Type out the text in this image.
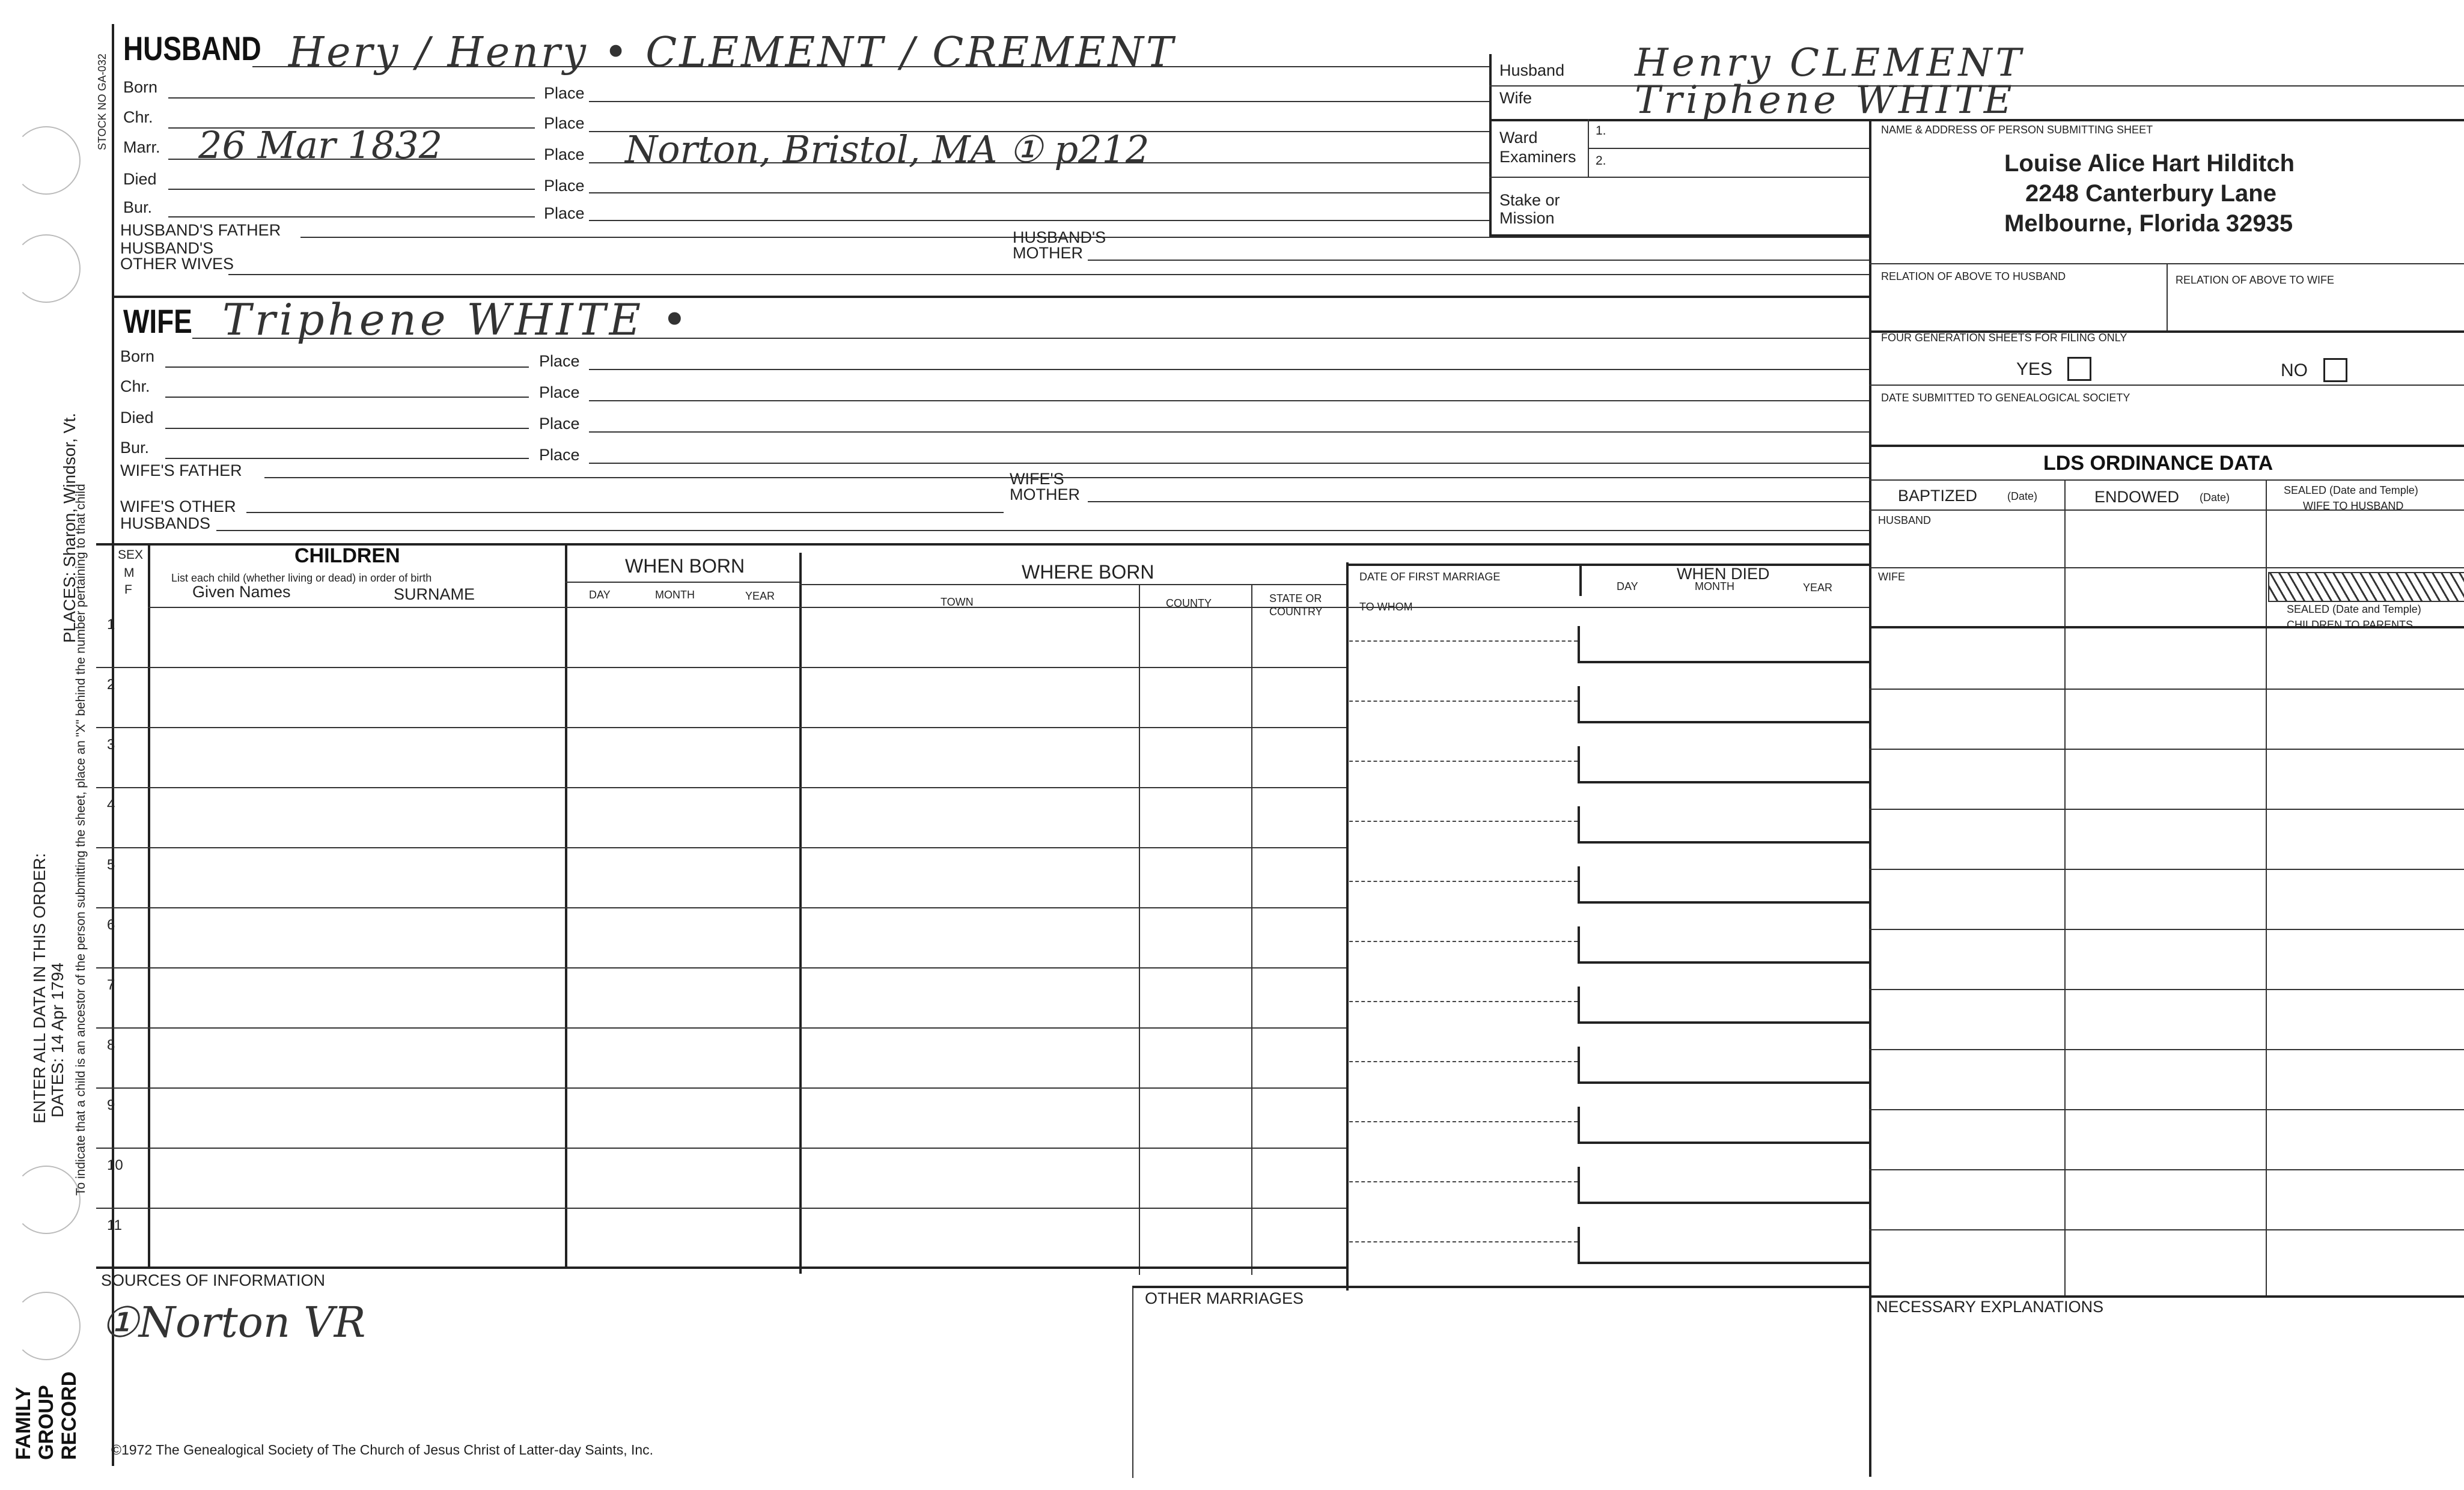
STOCK NO GA-032
PLACES: Sharon, Windsor, Vt.
To indicate that a child is an ancestor of the person submitting the sheet, place an "X" behind the number pertaining to that child
ENTER ALL DATA IN THIS ORDER: DATES: 14 Apr 1794
FAMILY GROUP RECORD
HUSBAND Hery / Henry • CLEMENT / CREMENT
Born	Place
Chr.	Place
Marr. 26 Mar 1832	Place Norton, Bristol, MA ① p212
Died	Place
Bur.	Place
HUSBAND'S FATHER
HUSBAND'S
OTHER WIVES
HUSBAND'S
MOTHER
Husband Henry CLEMENT
Wife	Triphene WHITE
Ward
Examiners
1.
2.
Stake or
Mission
WIFE Triphene WHITE •
Born	Place
Chr.	Place
Died	Place
Bur.	Place
WIFE'S FATHER	WIFE'S
MOTHER
WIFE'S OTHER
HUSBANDS
NAME & ADDRESS OF PERSON SUBMITTING SHEET
Louise Alice Hart Hilditch
2248 Canterbury Lane
Melbourne, Florida 32935
RELATION OF ABOVE TO HUSBAND	RELATION OF ABOVE TO WIFE
FOUR GENERATION SHEETS FOR FILING ONLY
YES	NO
DATE SUBMITTED TO GENEALOGICAL SOCIETY
LDS ORDINANCE DATA
BAPTIZED	(Date)	ENDOWED (Date)
SEALED (Date and Temple)
WIFE TO HUSBAND
HUSBAND
WIFE
SEALED (Date and Temple)
CHILDREN TO PARENTS
SEX
M
F
CHILDREN
List each child (whether living or dead) in order of birth
Given Names	SURNAME
WHEN BORN
DAY	MONTH	YEAR
WHERE BORN
TOWN	COUNTY	STATE OR
COUNTRY
DATE OF FIRST MARRIAGE
TO WHOM
WHEN DIED
DAY	MONTH	YEAR
1
2
3
4
5
6
7
8
9
10
11
SOURCES OF INFORMATION
①Norton VR	OTHER MARRIAGES	NECESSARY EXPLANATIONS
©1972 The Genealogical Society of The Church of Jesus Christ of Latter-day Saints, Inc.
